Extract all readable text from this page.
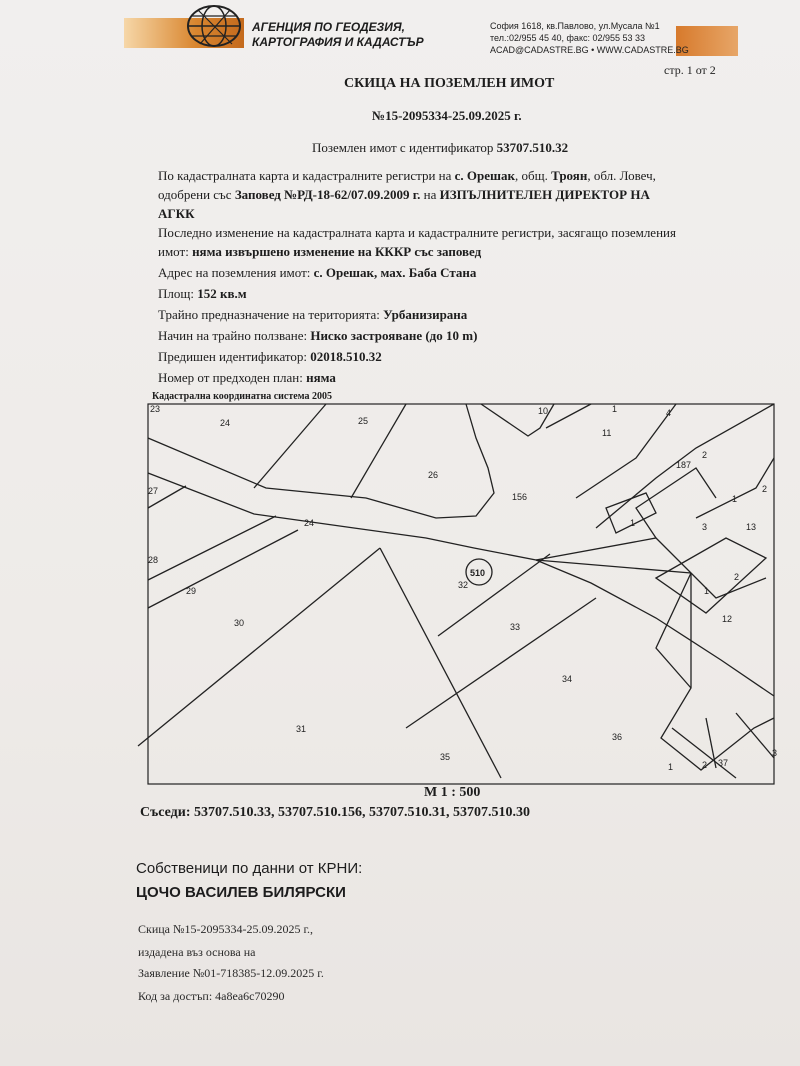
АГЕНЦИЯ ПО ГЕОДЕЗИЯ,
КАРТОГРАФИЯ И КАДАСТЪР
София 1618, кв.Павлово, ул.Мусала №1
тел.:02/955 45 40, факс: 02/955 53 33
ACAD@CADASTRE.BG • WWW.CADASTRE.BG
стр. 1 от 2
СКИЦА НА ПОЗЕМЛЕН ИМОТ
№15-2095334-25.09.2025 г.
Поземлен имот с идентификатор 53707.510.32

По кадастралната карта и кадастралните регистри на с. Орешак, общ. Троян, обл. Ловеч,

одобрени със Заповед №РД-18-62/07.09.2009 г. на ИЗПЪЛНИТЕЛЕН ДИРЕКТОР НА

АГКК

Последно изменение на кадастралната карта и кадастралните регистри, засягащо поземления

имот: няма извършено изменение на КККР със заповед

Адрес на поземления имот: с. Орешак, мах. Баба Стана

Площ: 152 кв.м

Трайно предназначение на територията: Урбанизирана

Начин на трайно ползване: Ниско застрояване (до 10 m)

Предишен идентификатор: 02018.510.32

Номер от предходен план: няма

Кадастрална координатна система 2005
23
24	25
10	1	4
11
2
187
26
156
27
1
1
2
3	13
28
24
32
1
2
29
30	33
12
34
31
36
35
1	2 37
3
510
М 1 : 500
Съседи: 53707.510.33, 53707.510.156, 53707.510.31, 53707.510.30
Собственици по данни от КРНИ:
ЦОЧО ВАСИЛЕВ БИЛЯРСКИ
Скица №15-2095334-25.09.2025 г.,
издадена въз основа на
Заявление №01-718385-12.09.2025 г.
Код за достъп: 4a8ea6c70290
